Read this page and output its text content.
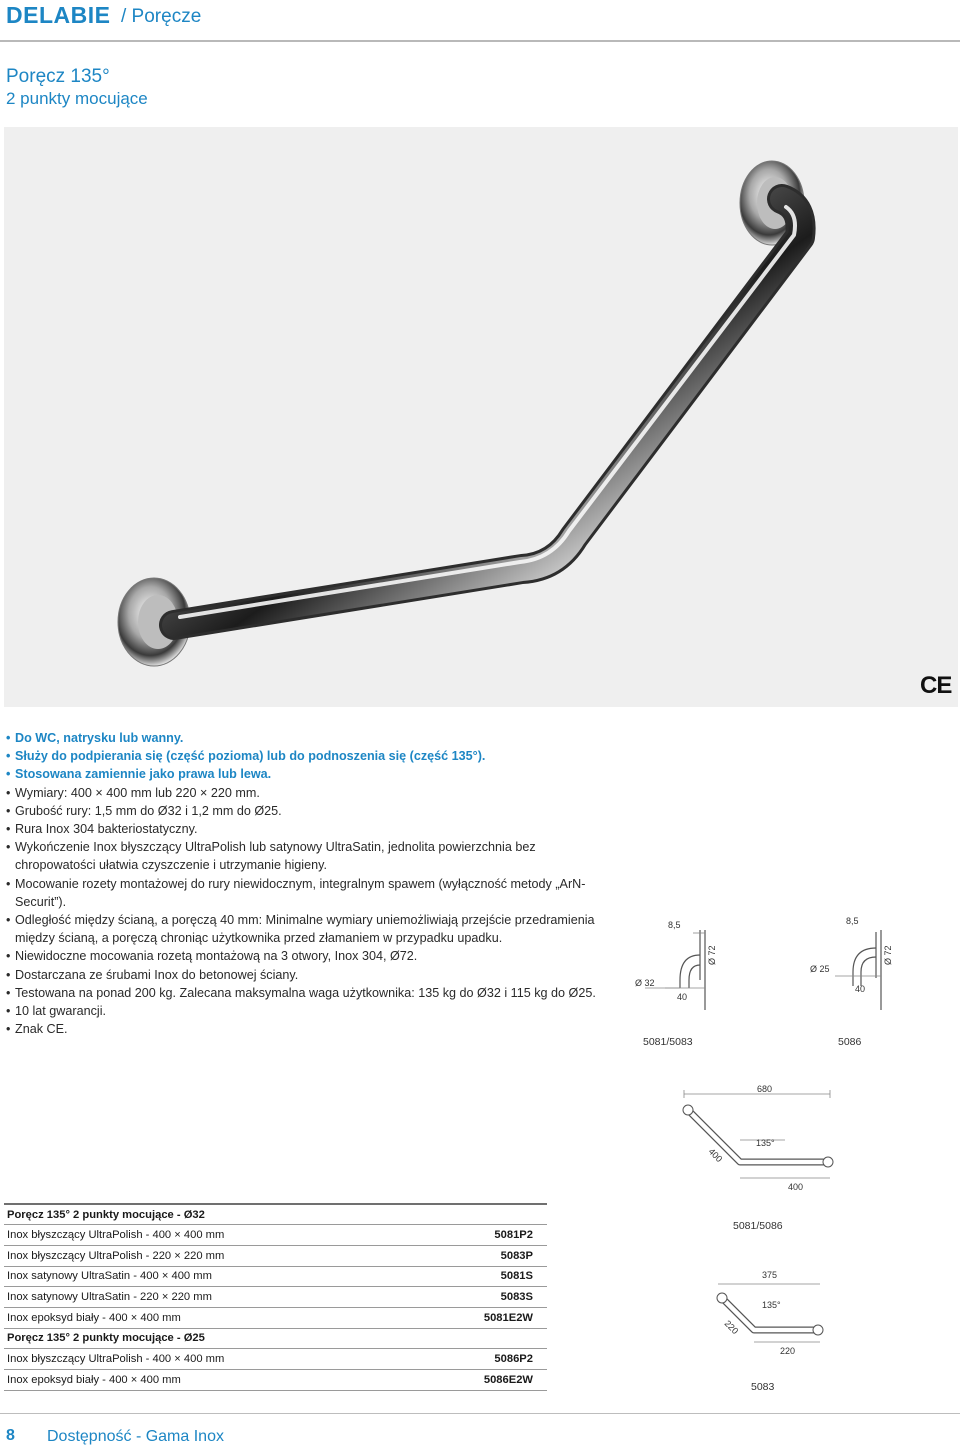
DELABIE / Poręcze
Poręcz 135°
2 punkty mocujące
CE
• Do WC, natrysku lub wanny.
• Służy do podpierania się (część pozioma) lub do podnoszenia się (część 135°).
• Stosowana zamiennie jako prawa lub lewa.
• Wymiary: 400 × 400 mm lub 220 × 220 mm.
• Grubość rury: 1,5 mm do Ø32 i 1,2 mm do Ø25.
• Rura Inox 304 bakteriostatyczny.
• Wykończenie Inox błyszczący UltraPolish lub satynowy UltraSatin, jednolita powierzchnia bez chropowatości ułatwia czyszczenie i utrzymanie higieny.
• Mocowanie rozety montażowej do rury niewidocznym, integralnym spawem (wyłączność metody „ArN-Securit”).
• Odległość między ścianą, a poręczą 40 mm: Minimalne wymiary uniemożliwiają przejście przedramienia między ścianą, a poręczą chroniąc użytkownika przed złamaniem w przypadku upadku.
• Niewidoczne mocowania rozetą montażową na 3 otwory, Inox 304, Ø72.
• Dostarczana ze śrubami Inox do betonowej ściany.
• Testowana na ponad 200 kg. Zalecana maksymalna waga użytkownika: 135 kg do Ø32 i 115 kg do Ø25.
• 10 lat gwarancji.
• Znak CE.
8,5
Ø 32
40
Ø 72
5081/5083
8,5
Ø 25
40
Ø 72
5086
680
400
135°
400
5081/5086
375
135°
220
220
5083
Poręcz 135° 2 punkty mocujące - Ø32	
Inox błyszczący UltraPolish - 400 × 400 mm	5081P2
Inox błyszczący UltraPolish - 220 × 220 mm	5083P
Inox satynowy UltraSatin - 400 × 400 mm	5081S
Inox satynowy UltraSatin - 220 × 220 mm	5083S
Inox epoksyd biały - 400 × 400 mm	5081E2W
Poręcz 135° 2 punkty mocujące - Ø25	
Inox błyszczący UltraPolish - 400 × 400 mm	5086P2
Inox epoksyd biały - 400 × 400 mm	5086E2W
8 Dostępność - Gama Inox
